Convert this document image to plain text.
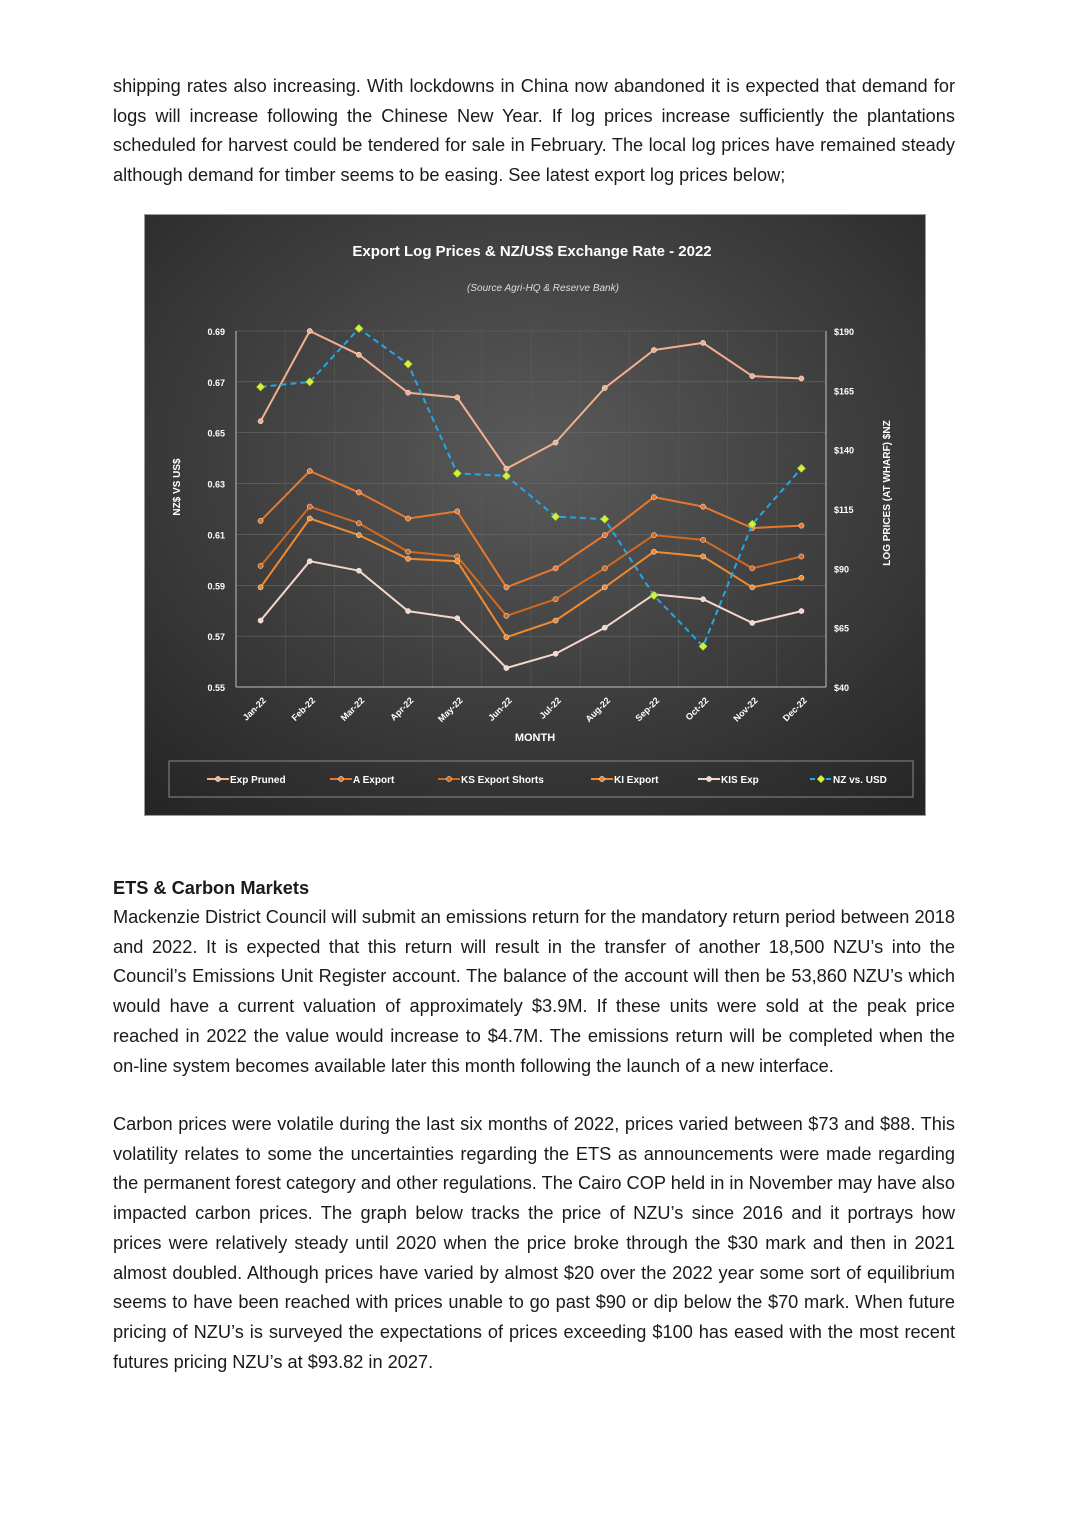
shipping rates also increasing. With lockdowns in China now abandoned it is expected that demand for logs will increase following the Chinese New Year. If log prices increase sufficiently the plantations scheduled for harvest could be tendered for sale in February. The local log prices have remained steady although demand for timber seems to be easing. See latest export log prices below;

Export Log Prices & NZ/US$ Exchange Rate - 2022
(Source Agri-HQ & Reserve Bank)
NZ$ VS US$	LOG PRICES (AT WHARF) $NZ
MONTH
0.55
0.57
0.59
0.61
0.63
0.65
0.67
0.69
$40
$65
$90
$115
$140
$165
$190
Jan-22 Feb-22 Mar-22 Apr-22 May-22 Jun-22	Jul-22 Aug-22 Sep-22 Oct-22 Nov-22 Dec-22
Exp Pruned	A Export	KS Export Shorts	KI Export	KIS Exp	NZ vs. USD

ETS & Carbon Markets

Mackenzie District Council will submit an emissions return for the mandatory return period between 2018 and 2022. It is expected that this return will result in the transfer of another 18,500 NZU’s into the Council’s Emissions Unit Register account. The balance of the account will then be 53,860 NZU’s which would have a current valuation of approximately $3.9M. If these units were sold at the peak price reached in 2022 the value would increase to $4.7M. The emissions return will be completed when the on-line system becomes available later this month following the launch of a new interface.

Carbon prices were volatile during the last six months of 2022, prices varied between $73 and $88. This volatility relates to some the uncertainties regarding the ETS as announcements were made regarding the permanent forest category and other regulations. The Cairo COP held in in November may have also impacted carbon prices. The graph below tracks the price of NZU’s since 2016 and it portrays how prices were relatively steady until 2020 when the price broke through the $30 mark and then in 2021 almost doubled. Although prices have varied by almost $20 over the 2022 year some sort of equilibrium seems to have been reached with prices unable to go past $90 or dip below the $70 mark. When future pricing of NZU’s is surveyed the expectations of prices exceeding $100 has eased with the most recent futures pricing NZU’s at $93.82 in 2027.
